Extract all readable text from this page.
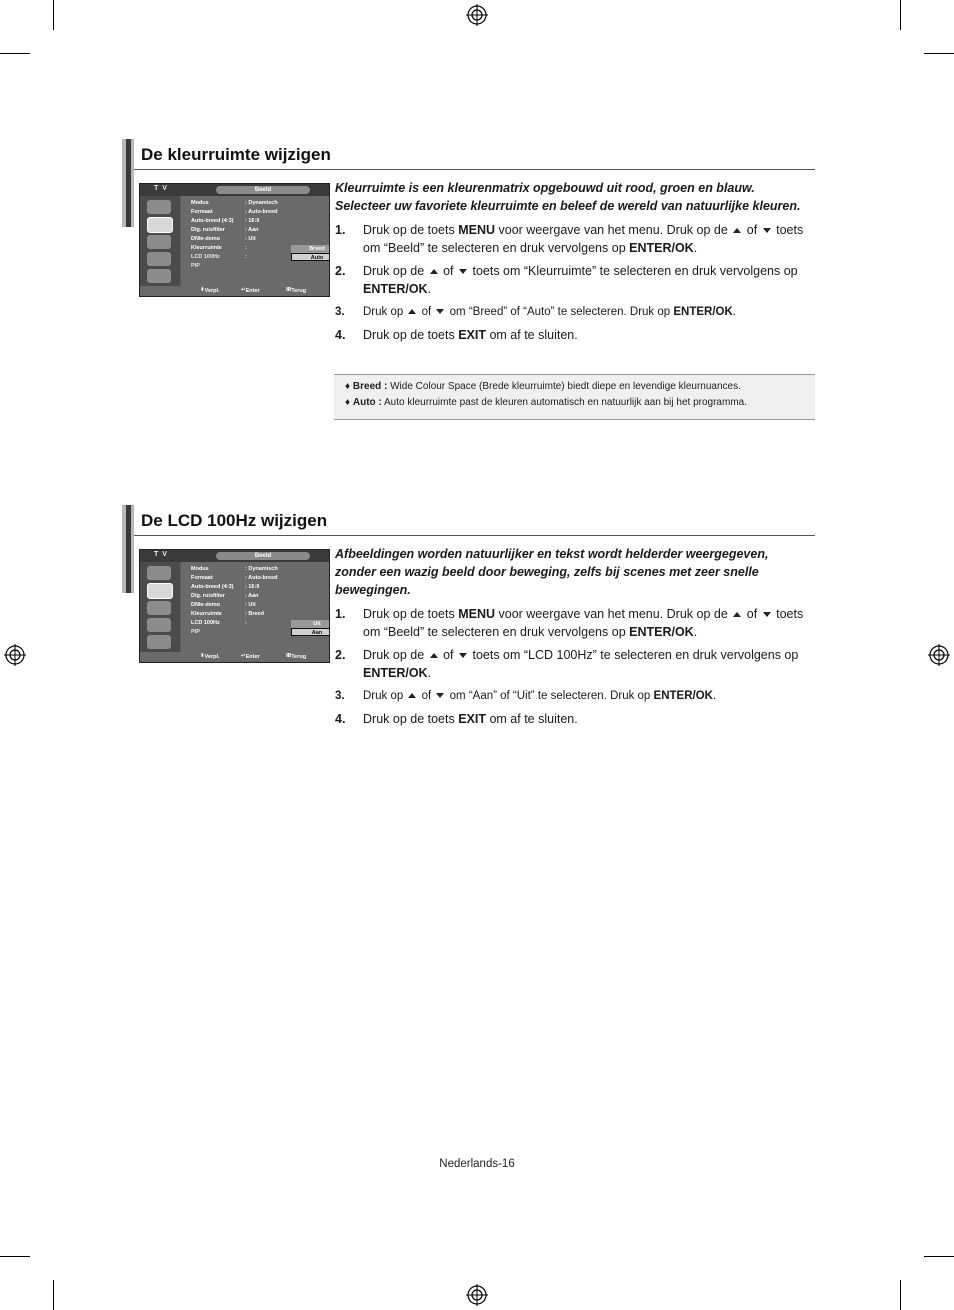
De kleurruimte wijzigen
T V	Beeld
Modus	: Dynamisch
Formaat	: Auto-breed
Auto-breed (4:3) : 16:9
Dig. ruisfilter	: Aan
DNIe-demo	: Uit
Kleurruimte	:
LCD 100Hz	:
PIP
Breed
Auto
⬍ Verpl.	↵ Enter	Ⅲ Terug

Kleurruimte is een kleurenmatrix opgebouwd uit rood, groen en blauw. Selecteer uw favoriete kleurruimte en beleef de wereld van natuurlijke kleuren.

1. Druk op de toets MENU voor weergave van het menu. Druk op de  of  toets om “Beeld” te selecteren en druk vervolgens op ENTER/OK.
2. Druk op de  of  toets om “Kleurruimte” te selecteren en druk vervolgens op ENTER/OK.
3. Druk op  of  om “Breed” of “Auto” te selecteren. Druk op ENTER/OK.
4. Druk op de toets EXIT om af te sluiten.
♦ Breed : Wide Colour Space (Brede kleurruimte) biedt diepe en levendige kleurnuances.
♦ Auto : Auto kleurruimte past de kleuren automatisch en natuurlijk aan bij het programma.
De LCD 100Hz wijzigen
T V	Beeld
Modus	: Dynamisch
Formaat	: Auto-breed
Auto-breed (4:3) : 16:9
Dig. ruisfilter	: Aan
DNIe-demo	: Uit
Kleurruimte	: Breed
LCD 100Hz	:
PIP
Uit
Aan
⬍ Verpl.	↵ Enter	Ⅲ Terug

Afbeeldingen worden natuurlijker en tekst wordt helderder weergegeven, zonder een wazig beeld door beweging, zelfs bij scenes met zeer snelle bewegingen.

1. Druk op de toets MENU voor weergave van het menu. Druk op de  of  toets om “Beeld” te selecteren en druk vervolgens op ENTER/OK.
2. Druk op de  of  toets om “LCD 100Hz” te selecteren en druk vervolgens op ENTER/OK.
3. Druk op  of  om “Aan” of “Uit” te selecteren. Druk op ENTER/OK.
4. Druk op de toets EXIT om af te sluiten.
Nederlands-16
